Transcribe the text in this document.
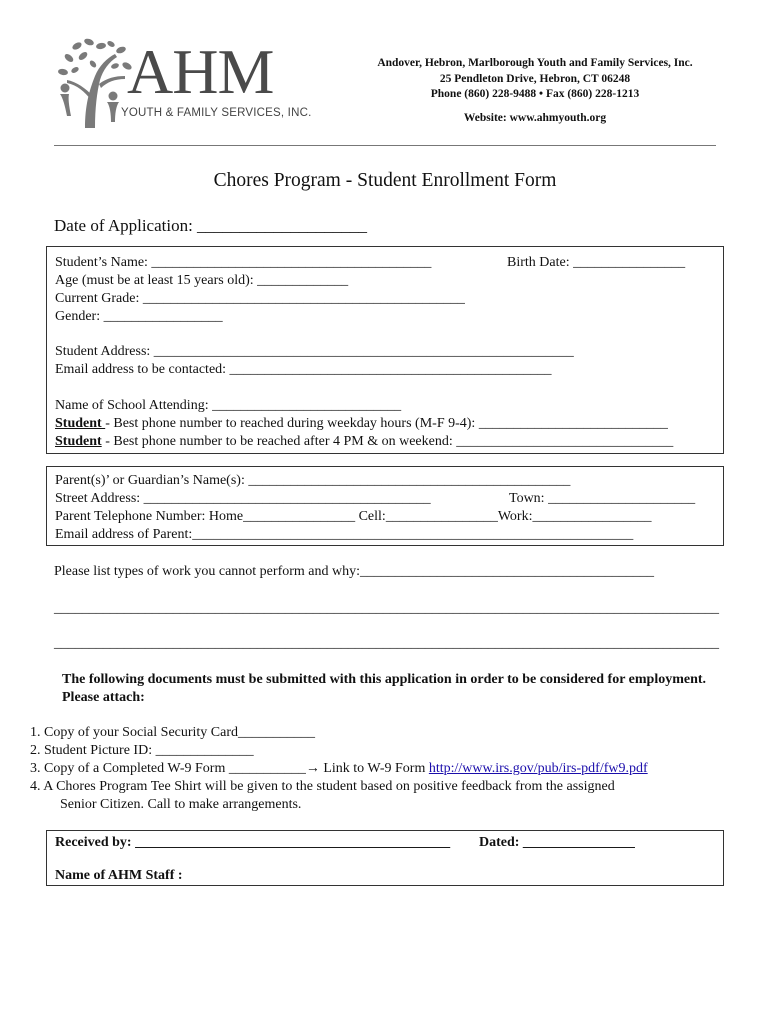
AHM
YOUTH & FAMILY SERVICES, INC.
Andover, Hebron, Marlborough Youth and Family Services, Inc.
25 Pendleton Drive, Hebron, CT 06248
Phone (860) 228-9488 • Fax (860) 228-1213
Website: www.ahmyouth.org
Chores Program - Student Enrollment Form
Date of Application: ____________________
Student’s Name: ________________________________________	Birth Date: ________________
Age (must be at least 15 years old): _____________
Current Grade: ______________________________________________
Gender: _________________
Student Address: ____________________________________________________________
Email address to be contacted: ______________________________________________
Name of School Attending: ___________________________
Student - Best phone number to reached during weekday hours (M-F 9-4): ___________________________
Student - Best phone number to be reached after 4 PM & on weekend: _______________________________
Parent(s)’ or Guardian’s Name(s): ______________________________________________
Street Address: _________________________________________	Town: _____________________
Parent Telephone Number: Home________________ Cell:________________Work:_________________
Email address of Parent:_______________________________________________________________
Please list types of work you cannot perform and why:__________________________________________
_______________________________________________________________________________________________
_______________________________________________________________________________________________
The following documents must be submitted with this application in order to be considered for employment. Please attach:
1. Copy of your Social Security Card___________
2. Student Picture ID: ______________
3. Copy of a Completed W-9 Form ___________→ Link to W-9 Form http://www.irs.gov/pub/irs-pdf/fw9.pdf
4. A Chores Program Tee Shirt will be given to the student based on positive feedback from the assigned
Senior Citizen. Call to make arrangements.
Received by: _____________________________________________ Dated: ________________
Name of AHM Staff :
